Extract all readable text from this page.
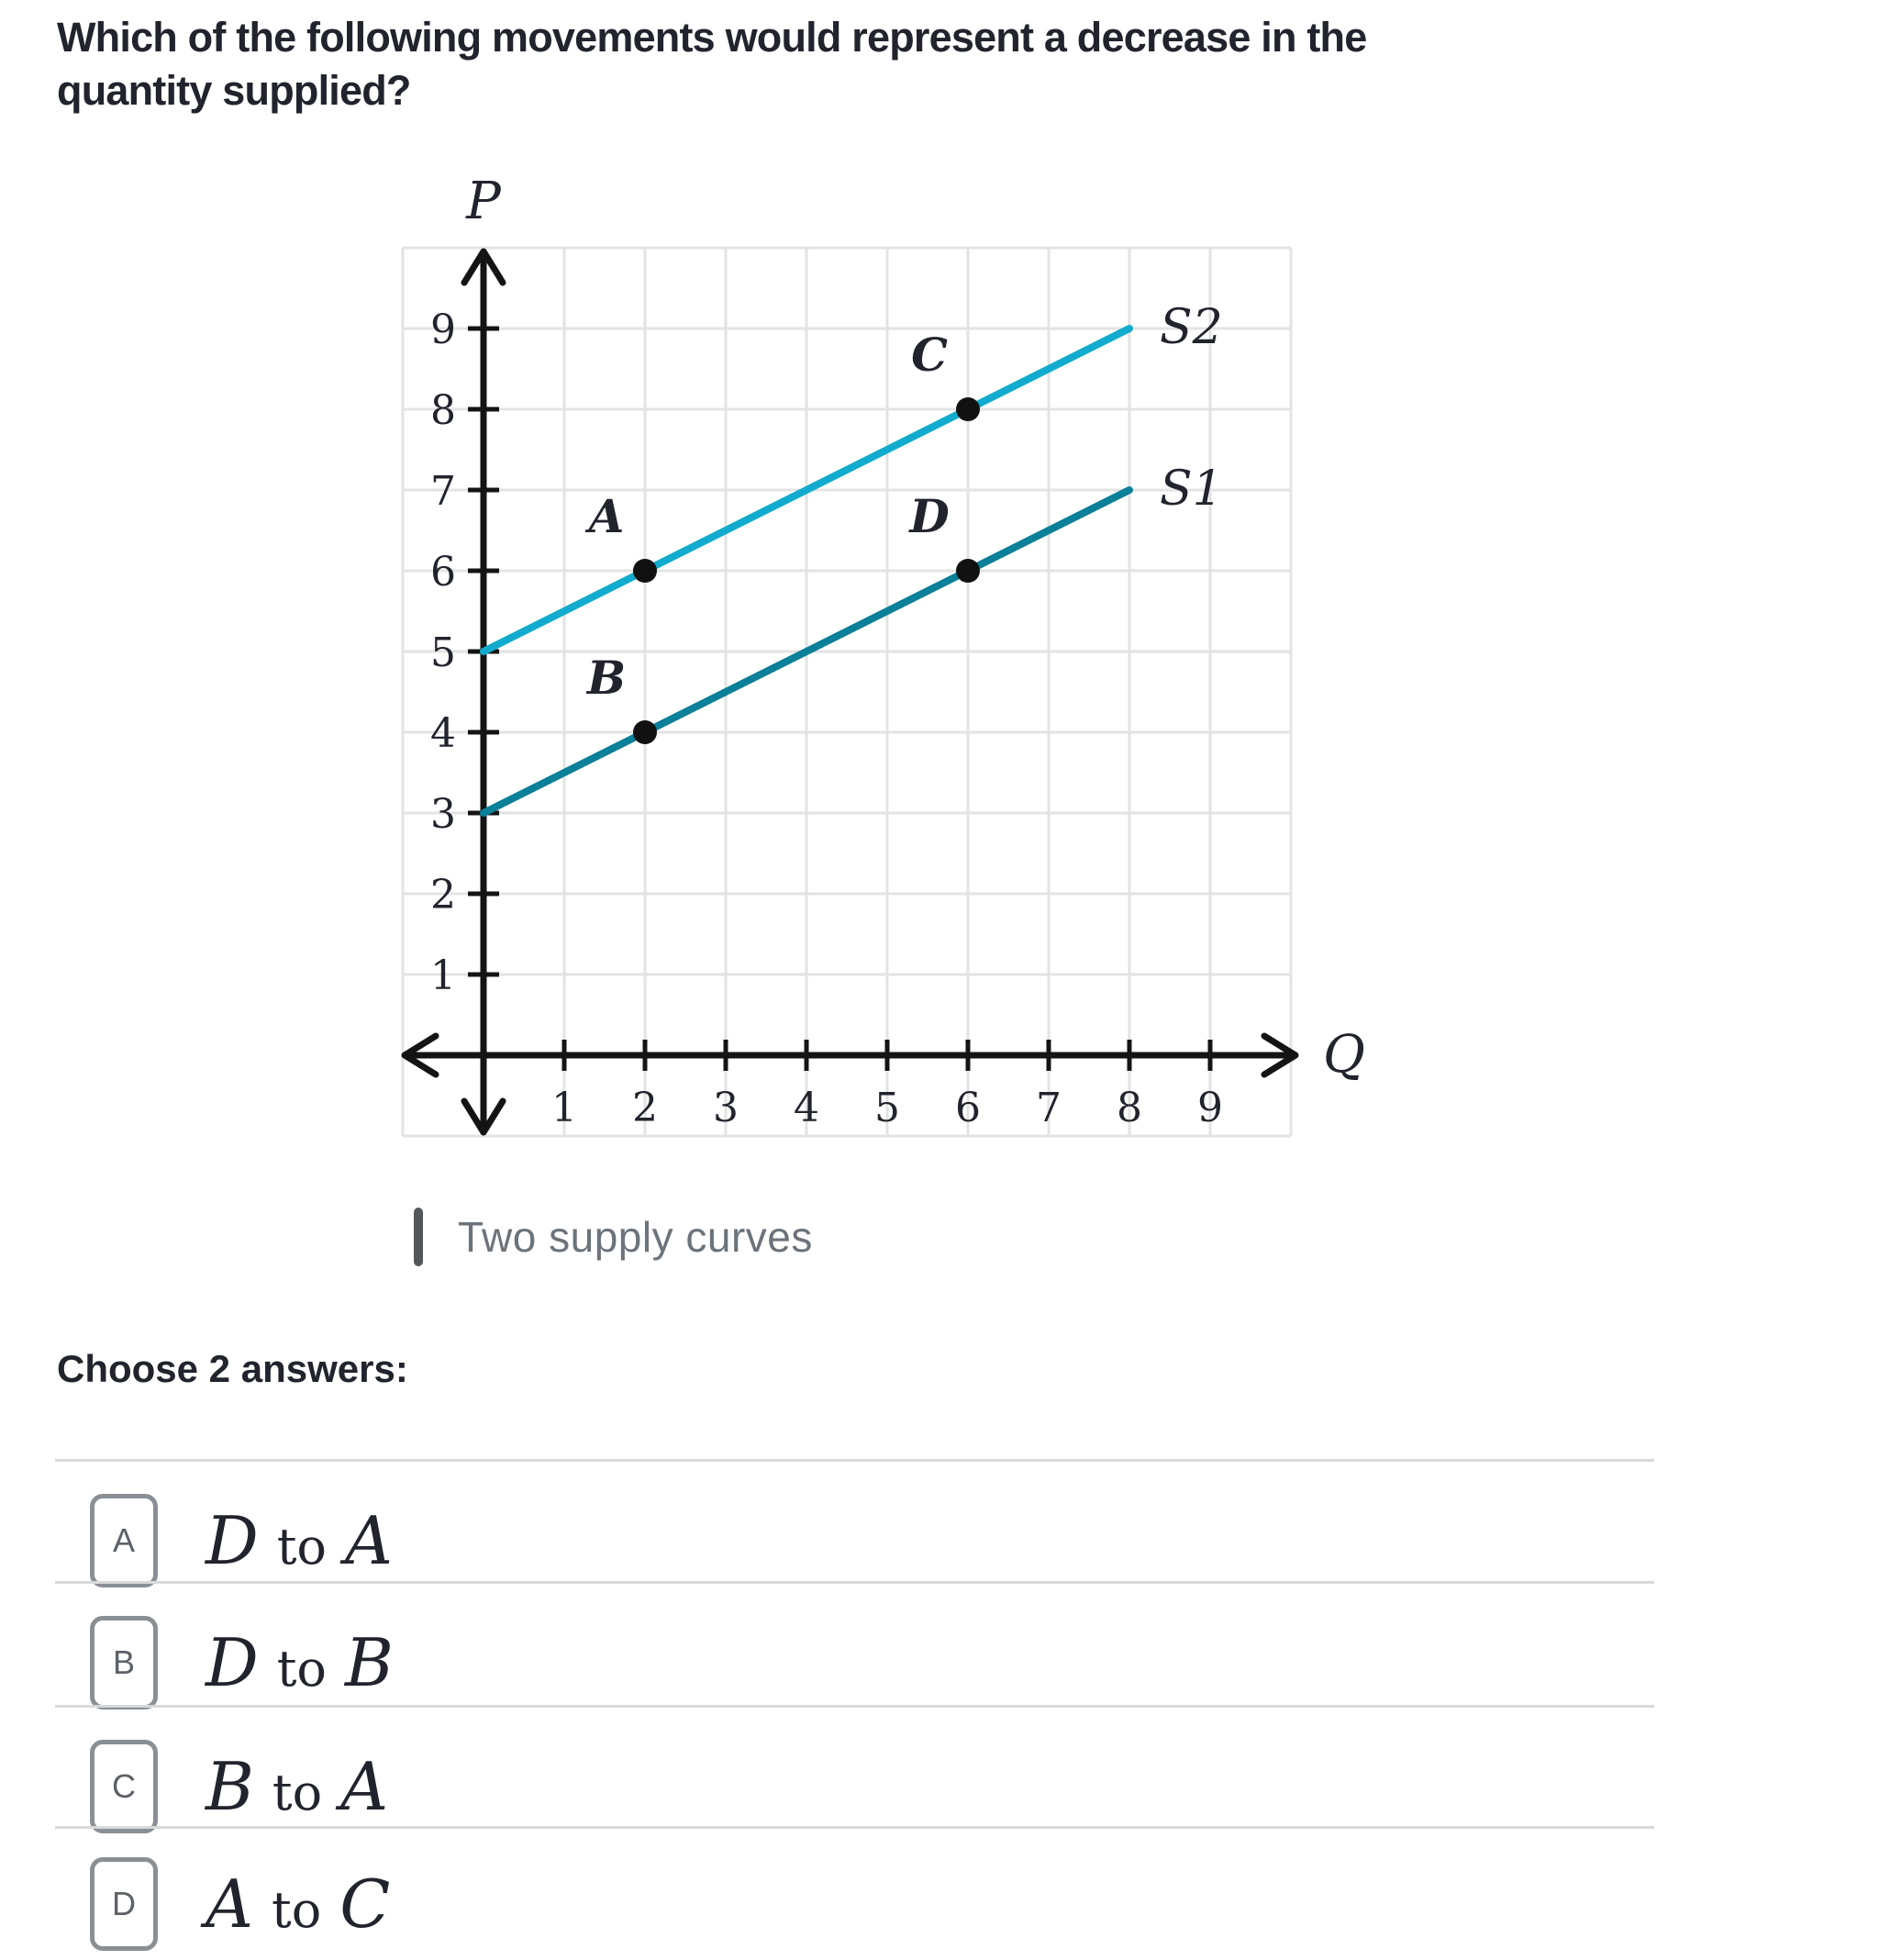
Which of the following movements would represent a decrease in the
quantity supplied?
1
2
3
4
5
6
7
8
9
1 2 3 4 5 6 7 8 9
P
Q
S2
S1
A
B
C
D
Two supply curves
Choose 2 answers:
A D to A
B D to B
C B to A
D A to C
